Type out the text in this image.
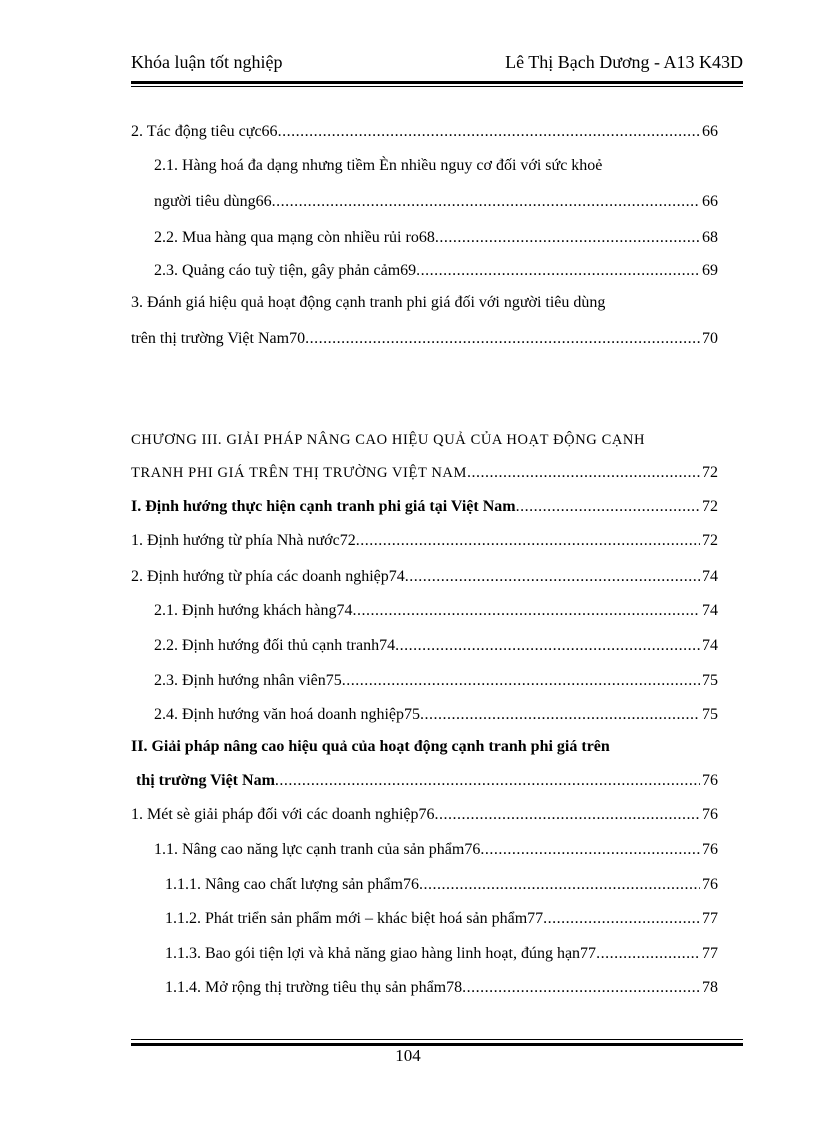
Khóa luận tốt nghiệp	Lê Thị Bạch Dương - A13 K43D
2. Tác động tiêu cực66 .....	66
2.1. Hàng hoá đa dạng nhưng tiềm Èn nhiều nguy cơ đối với sức khoẻ
người tiêu dùng66 .....	66
2.2. Mua hàng qua mạng còn nhiều rủi ro68 .....	68
2.3. Quảng cáo tuỳ tiện, gây phản cảm69 .....	69
3. Đánh giá hiệu quả hoạt động cạnh tranh phi giá đối với người tiêu dùng
trên thị trường Việt Nam70 .....	70
CHƯƠNG III. GIẢI PHÁP NÂNG CAO HIỆU QUẢ CỦA HOẠT ĐỘNG CẠNH
TRANH PHI GIÁ TRÊN THỊ TRƯỜNG VIỆT NAM .....	72
I. Định hướng thực hiện cạnh tranh phi giá tại Việt Nam .....	72
1. Định hướng từ phía Nhà nước72 .....	72
2. Định hướng từ phía các doanh nghiệp74 .....	74
2.1. Định hướng khách hàng74 .....	74
2.2. Định hướng đối thủ cạnh tranh74 .....	74
2.3. Định hướng nhân viên75 .....	75
2.4. Định hướng văn hoá doanh nghiệp75 .....	75
II. Giải pháp nâng cao hiệu quả của hoạt động cạnh tranh phi giá trên
thị trường Việt Nam .....	76
1. Mét sè giải pháp đối với các doanh nghiệp76 .....	76
1.1. Nâng cao năng lực cạnh tranh của sản phẩm76 .....	76
1.1.1. Nâng cao chất lượng sản phẩm76 .....	76
1.1.2. Phát triển sản phẩm mới – khác biệt hoá sản phẩm77 .....	77
1.1.3. Bao gói tiện lợi và khả năng giao hàng linh hoạt, đúng hạn77 .....	77
1.1.4. Mở rộng thị trường tiêu thụ sản phẩm78 .....	78
104
